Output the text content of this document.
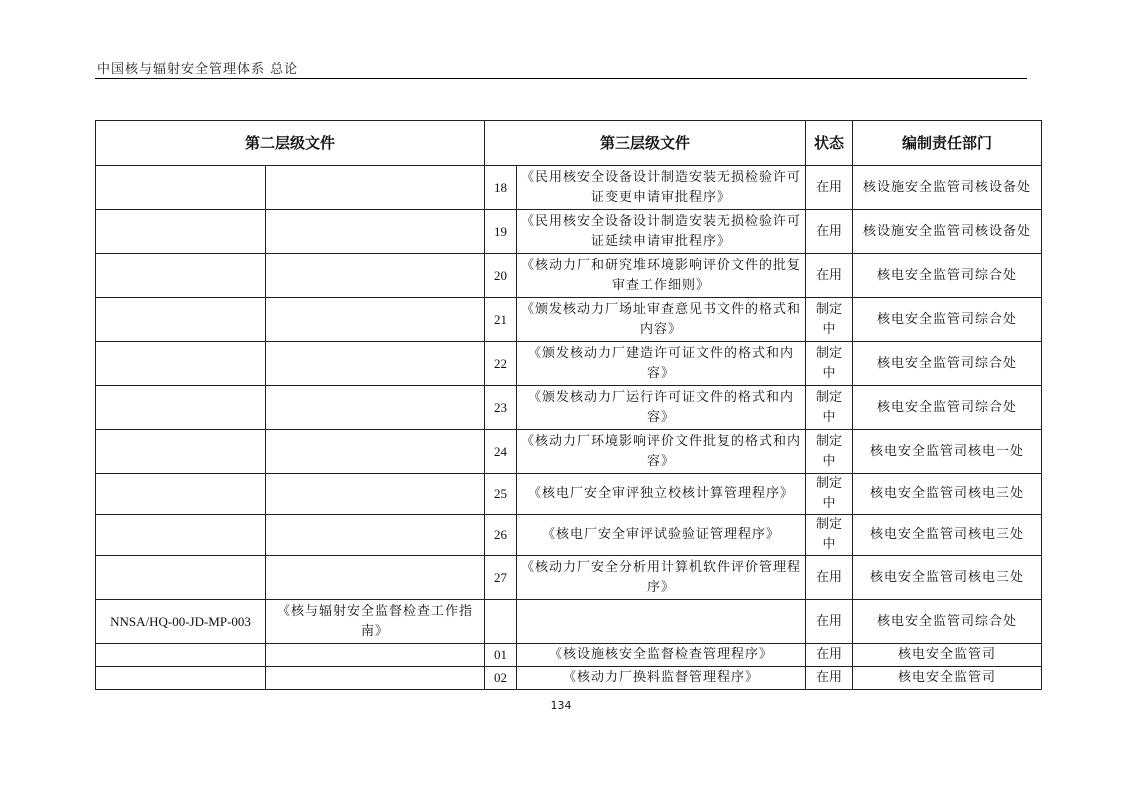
中国核与辐射安全管理体系 总论
第二层级文件		第三层级文件		状态	编制责任部门
		18	《民用核安全设备设计制造安装无损检验许可证变更申请审批程序》	在用	核设施安全监管司核设备处
		19	《民用核安全设备设计制造安装无损检验许可证延续申请审批程序》	在用	核设施安全监管司核设备处
		20	《核动力厂和研究堆环境影响评价文件的批复审查工作细则》	在用	核电安全监管司综合处
		21	《颁发核动力厂场址审查意见书文件的格式和内容》	制定中	核电安全监管司综合处
		22	《颁发核动力厂建造许可证文件的格式和内容》	制定中	核电安全监管司综合处
		23	《颁发核动力厂运行许可证文件的格式和内容》	制定中	核电安全监管司综合处
		24	《核动力厂环境影响评价文件批复的格式和内容》	制定中	核电安全监管司核电一处
		25	《核电厂安全审评独立校核计算管理程序》	制定中	核电安全监管司核电三处
		26	《核电厂安全审评试验验证管理程序》	制定中	核电安全监管司核电三处
		27	《核动力厂安全分析用计算机软件评价管理程序》	在用	核电安全监管司核电三处
NNSA/HQ-00-JD-MP-003	《核与辐射安全监督检查工作指南》			在用	核电安全监管司综合处
		01	《核设施核安全监督检查管理程序》	在用	核电安全监管司
		02	《核动力厂换料监督管理程序》	在用	核电安全监管司
134
